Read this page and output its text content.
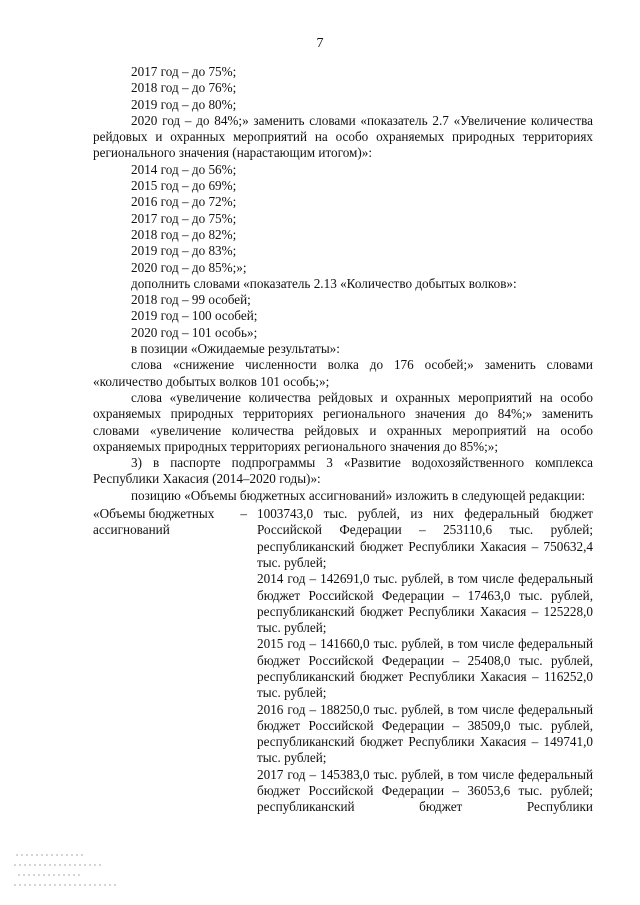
7

2017 год – до 75%;

2018 год – до 76%;

2019 год – до 80%;

2020 год – до 84%;» заменить словами «показатель 2.7 «Увеличение количества рейдовых и охранных мероприятий на особо охраняемых природных территориях регионального значения (нарастающим итогом)»:

2014 год – до 56%;

2015 год – до 69%;

2016 год – до 72%;

2017 год – до 75%;

2018 год – до 82%;

2019 год – до 83%;

2020 год – до 85%;»;

дополнить словами «показатель 2.13 «Количество добытых волков»:

2018 год – 99 особей;

2019 год – 100 особей;

2020 год – 101 особь»;

в позиции «Ожидаемые результаты»:

слова «снижение численности волка до 176 особей;» заменить словами «количество добытых волков 101 особь;»;

слова «увеличение количества рейдовых и охранных мероприятий на особо охраняемых природных территориях регионального значения до 84%;» заменить словами «увеличение количества рейдовых и охранных мероприятий на особо охраняемых природных территориях регионального значения до 85%;»;

3) в паспорте подпрограммы 3 «Развитие водохозяйственного комплекса Республики Хакасия (2014–2020 годы)»:

позицию «Объемы бюджетных ассигнований» изложить в следующей редакции:

«Объемы бюджетных –
ассигнований

1003743,0 тыс. рублей, из них федеральный бюджет Российской Федерации – 253110,6 тыс. рублей; республиканский бюджет Республики Хакасия – 750632,4 тыс. рублей;

2014 год – 142691,0 тыс. рублей, в том числе федеральный бюджет Российской Федерации – 17463,0 тыс. рублей, республиканский бюджет Республики Хакасия – 125228,0 тыс. рублей;

2015 год – 141660,0 тыс. рублей, в том числе федеральный бюджет Российской Федерации – 25408,0 тыс. рублей, республиканский бюджет Республики Хакасия – 116252,0 тыс. рублей;

2016 год – 188250,0 тыс. рублей, в том числе федеральный бюджет Российской Федерации – 38509,0 тыс. рублей, республиканский бюджет Республики Хакасия – 149741,0 тыс. рублей;

2017 год – 145383,0 тыс. рублей, в том числе федеральный бюджет Российской Федерации – 36053,6 тыс. рублей; республиканский бюджет Республики
